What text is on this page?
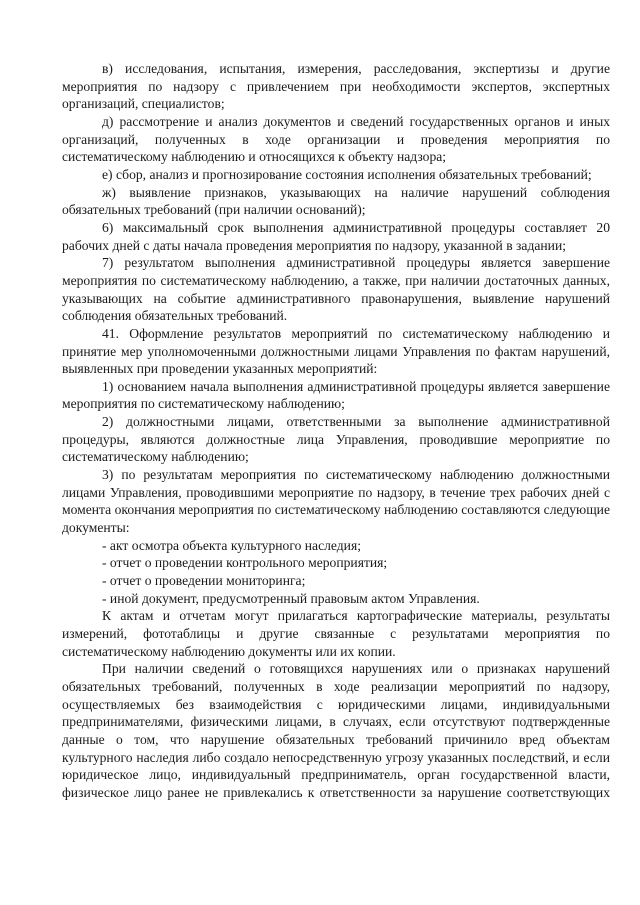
в) исследования, испытания, измерения, расследования, экспертизы и другие мероприятия по надзору с привлечением при необходимости экспертов, экспертных организаций, специалистов;

д) рассмотрение и анализ документов и сведений государственных органов и иных организаций, полученных в ходе организации и проведения мероприятия по систематическому наблюдению и относящихся к объекту надзора;

е) сбор, анализ и прогнозирование состояния исполнения обязательных требований;

ж) выявление признаков, указывающих на наличие нарушений соблюдения обязательных требований (при наличии оснований);

6) максимальный срок выполнения административной процедуры составляет 20 рабочих дней с даты начала проведения мероприятия по надзору, указанной в задании;

7) результатом выполнения административной процедуры является завершение мероприятия по систематическому наблюдению, а также, при наличии достаточных данных, указывающих на событие административного правонарушения, выявление нарушений соблюдения обязательных требований.

41. Оформление результатов мероприятий по систематическому наблюдению и принятие мер уполномоченными должностными лицами Управления по фактам нарушений, выявленных при проведении указанных мероприятий:

1) основанием начала выполнения административной процедуры является завершение мероприятия по систематическому наблюдению;

2) должностными лицами, ответственными за выполнение административной процедуры, являются должностные лица Управления, проводившие мероприятие по систематическому наблюдению;

3) по результатам мероприятия по систематическому наблюдению должностными лицами Управления, проводившими мероприятие по надзору, в течение трех рабочих дней с момента окончания мероприятия по систематическому наблюдению составляются следующие документы:

- акт осмотра объекта культурного наследия;

- отчет о проведении контрольного мероприятия;

- отчет о проведении мониторинга;

- иной документ, предусмотренный правовым актом Управления.

К актам и отчетам могут прилагаться картографические материалы, результаты измерений, фототаблицы и другие связанные с результатами мероприятия по систематическому наблюдению документы или их копии.

При наличии сведений о готовящихся нарушениях или о признаках нарушений обязательных требований, полученных в ходе реализации мероприятий по надзору, осуществляемых без взаимодействия с юридическими лицами, индивидуальными предпринимателями, физическими лицами, в случаях, если отсутствуют подтвержденные данные о том, что нарушение обязательных требований причинило вред объектам культурного наследия либо создало непосредственную угрозу указанных последствий, и если юридическое лицо, индивидуальный предприниматель, орган государственной власти, физическое лицо ранее не привлекались к ответственности за нарушение соответствующих
